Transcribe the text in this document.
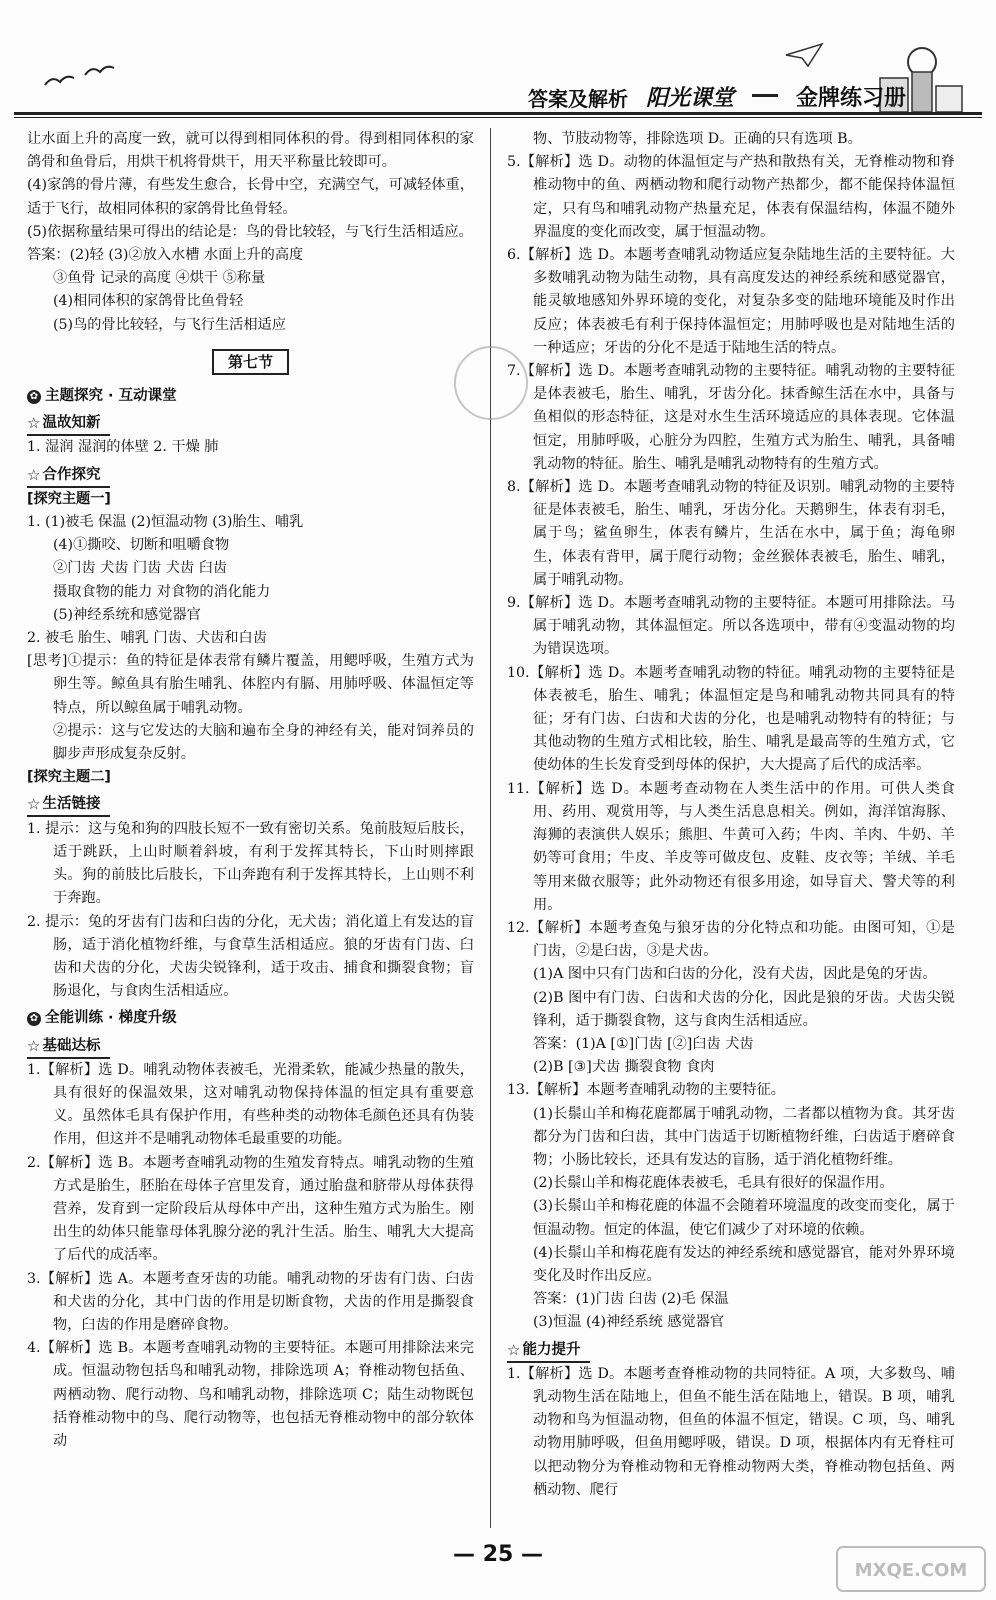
答案及解析 阳光课堂	金牌练习册

让水面上升的高度一致，就可以得到相同体积的骨。得到相同体积的家鸽骨和鱼骨后，用烘干机将骨烘干，用天平称量比较即可。

(4)家鸽的骨片薄，有些发生愈合，长骨中空，充满空气，可减轻体重，适于飞行，故相同体积的家鸽骨比鱼骨轻。

(5)依据称量结果可得出的结论是：鸟的骨比较轻，与飞行生活相适应。

答案：(2)轻 (3)②放入水槽 水面上升的高度

③鱼骨 记录的高度 ④烘干 ⑤称量

(4)相同体积的家鸽骨比鱼骨轻

(5)鸟的骨比较轻，与飞行生活相适应

第七节
✿ 主题探究 · 互动课堂
☆ 温故知新

1. 湿润 湿润的体壁 2. 干燥 肺

☆ 合作探究

[探究主题一]

1. (1)被毛 保温 (2)恒温动物 (3)胎生、哺乳

(4)①撕咬、切断和咀嚼食物

②门齿 犬齿 门齿 犬齿 臼齿

摄取食物的能力 对食物的消化能力

(5)神经系统和感觉器官

2. 被毛 胎生、哺乳 门齿、犬齿和白齿

[思考]①提示：鱼的特征是体表常有鳞片覆盖，用鳃呼吸，生殖方式为卵生等。鲸鱼具有胎生哺乳、体腔内有膈、用肺呼吸、体温恒定等特点，所以鲸鱼属于哺乳动物。

②提示：这与它发达的大脑和遍布全身的神经有关，能对饲养员的脚步声形成复杂反射。

[探究主题二]

☆ 生活链接

1. 提示：这与兔和狗的四肢长短不一致有密切关系。兔前肢短后肢长，适于跳跃，上山时顺着斜坡，有利于发挥其特长，下山时则摔跟头。狗的前肢比后肢长，下山奔跑有利于发挥其特长，上山则不利于奔跑。

2. 提示：兔的牙齿有门齿和臼齿的分化，无犬齿；消化道上有发达的盲肠，适于消化植物纤维，与食草生活相适应。狼的牙齿有门齿、臼齿和犬齿的分化，犬齿尖锐锋利，适于攻击、捕食和撕裂食物；盲肠退化，与食肉生活相适应。

✿ 全能训练 · 梯度升级
☆ 基础达标

1.【解析】选 D。哺乳动物体表被毛，光滑柔软，能减少热量的散失，具有很好的保温效果，这对哺乳动物保持体温的恒定具有重要意义。虽然体毛具有保护作用，有些种类的动物体毛颜色还具有伪装作用，但这并不是哺乳动物体毛最重要的功能。

2.【解析】选 B。本题考查哺乳动物的生殖发育特点。哺乳动物的生殖方式是胎生，胚胎在母体子宫里发育，通过胎盘和脐带从母体获得营养，发育到一定阶段后从母体中产出，这种生殖方式为胎生。刚出生的幼体只能靠母体乳腺分泌的乳汁生活。胎生、哺乳大大提高了后代的成活率。

3.【解析】选 A。本题考查牙齿的功能。哺乳动物的牙齿有门齿、臼齿和犬齿的分化，其中门齿的作用是切断食物，犬齿的作用是撕裂食物，臼齿的作用是磨碎食物。

4.【解析】选 B。本题考查哺乳动物的主要特征。本题可用排除法来完成。恒温动物包括鸟和哺乳动物，排除选项 A；脊椎动物包括鱼、两栖动物、爬行动物、鸟和哺乳动物，排除选项 C；陆生动物既包括脊椎动物中的鸟、爬行动物等，也包括无脊椎动物中的部分软体动

物、节肢动物等，排除选项 D。正确的只有选项 B。

5.【解析】选 D。动物的体温恒定与产热和散热有关，无脊椎动物和脊椎动物中的鱼、两栖动物和爬行动物产热都少，都不能保持体温恒定，只有鸟和哺乳动物产热量充足，体表有保温结构，体温不随外界温度的变化而改变，属于恒温动物。

6.【解析】选 D。本题考查哺乳动物适应复杂陆地生活的主要特征。大多数哺乳动物为陆生动物，具有高度发达的神经系统和感觉器官，能灵敏地感知外界环境的变化，对复杂多变的陆地环境能及时作出反应；体表被毛有利于保持体温恒定；用肺呼吸也是对陆地生活的一种适应；牙齿的分化不是适于陆地生活的特点。

7.【解析】选 D。本题考查哺乳动物的主要特征。哺乳动物的主要特征是体表被毛，胎生、哺乳，牙齿分化。抹香鲸生活在水中，具备与鱼相似的形态特征，这是对水生生活环境适应的具体表现。它体温恒定，用肺呼吸，心脏分为四腔，生殖方式为胎生、哺乳，具备哺乳动物的特征。胎生、哺乳是哺乳动物特有的生殖方式。

8.【解析】选 D。本题考查哺乳动物的特征及识别。哺乳动物的主要特征是体表被毛，胎生、哺乳，牙齿分化。天鹅卵生，体表有羽毛，属于鸟；鲨鱼卵生，体表有鳞片，生活在水中，属于鱼；海龟卵生，体表有背甲，属于爬行动物；金丝猴体表被毛，胎生、哺乳，属于哺乳动物。

9.【解析】选 D。本题考查哺乳动物的主要特征。本题可用排除法。马属于哺乳动物，其体温恒定。所以各选项中，带有④变温动物的均为错误选项。

10.【解析】选 D。本题考查哺乳动物的特征。哺乳动物的主要特征是体表被毛，胎生、哺乳；体温恒定是鸟和哺乳动物共同具有的特征；牙有门齿、臼齿和犬齿的分化，也是哺乳动物特有的特征；与其他动物的生殖方式相比较，胎生、哺乳是最高等的生殖方式，它使幼体的生长发育受到母体的保护，大大提高了后代的成活率。

11.【解析】选 D。本题考查动物在人类生活中的作用。可供人类食用、药用、观赏用等，与人类生活息息相关。例如，海洋馆海豚、海狮的表演供人娱乐；熊胆、牛黄可入药；牛肉、羊肉、牛奶、羊奶等可食用；牛皮、羊皮等可做皮包、皮鞋、皮衣等；羊绒、羊毛等用来做衣服等；此外动物还有很多用途，如导盲犬、警犬等的利用。

12.【解析】本题考查兔与狼牙齿的分化特点和功能。由图可知，①是门齿，②是臼齿，③是犬齿。

(1)A 图中只有门齿和臼齿的分化，没有犬齿，因此是兔的牙齿。

(2)B 图中有门齿、臼齿和犬齿的分化，因此是狼的牙齿。犬齿尖锐锋利，适于撕裂食物，这与食肉生活相适应。

答案：(1)A [①]门齿 [②]臼齿 犬齿

(2)B [③]犬齿 撕裂食物 食肉

13.【解析】本题考查哺乳动物的主要特征。

(1)长鬃山羊和梅花鹿都属于哺乳动物，二者都以植物为食。其牙齿都分为门齿和臼齿，其中门齿适于切断植物纤维，臼齿适于磨碎食物；小肠比较长，还具有发达的盲肠，适于消化植物纤维。

(2)长鬃山羊和梅花鹿体表被毛，毛具有很好的保温作用。

(3)长鬃山羊和梅花鹿的体温不会随着环境温度的改变而变化，属于恒温动物。恒定的体温，使它们减少了对环境的依赖。

(4)长鬃山羊和梅花鹿有发达的神经系统和感觉器官，能对外界环境变化及时作出反应。

答案：(1)门齿 臼齿 (2)毛 保温

(3)恒温 (4)神经系统 感觉器官

☆ 能力提升

1.【解析】选 D。本题考查脊椎动物的共同特征。A 项，大多数鸟、哺乳动物生活在陆地上，但鱼不能生活在陆地上，错误。B 项，哺乳动物和鸟为恒温动物，但鱼的体温不恒定，错误。C 项，鸟、哺乳动物用肺呼吸，但鱼用鳃呼吸，错误。D 项，根据体内有无脊柱可以把动物分为脊椎动物和无脊椎动物两大类，脊椎动物包括鱼、两栖动物、爬行

— 25 —
MXQE.COM
